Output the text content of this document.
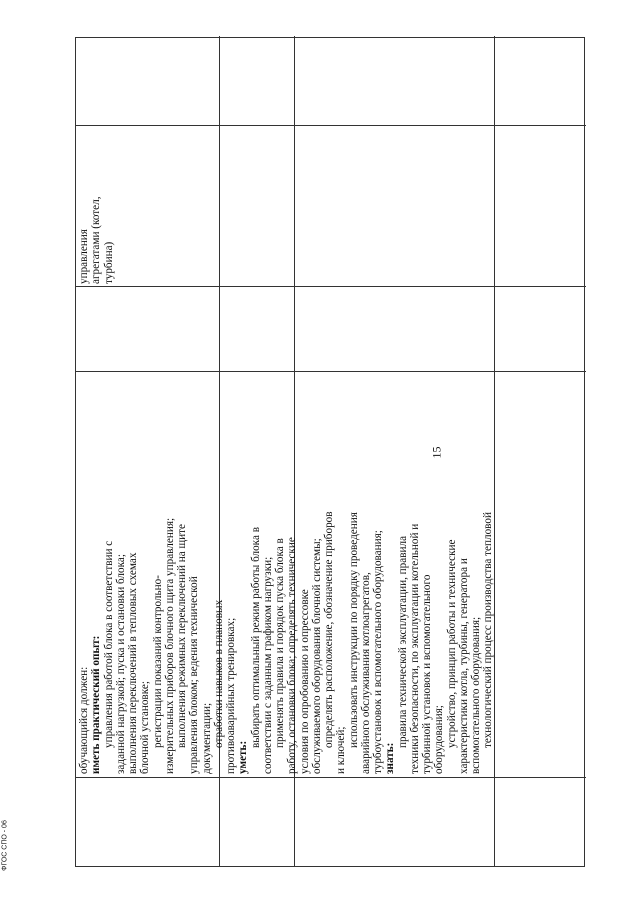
обучающийся должен: иметь практический опыт: управления работой блока в соответствии с заданной нагрузкой; пуска и остановки блока; выполнения переключений в тепловых схемах блочной установке; регистрации показаний контрольно- измерительных приборов блочного щита управления; выполнения режимных переключений на щите управления блоком; ведения технической документации; отработки навыков в плановых противоаварийных тренировках; уметь:

выбирать оптимальный режим работы блока в соответствии с заданным графиком нагрузки; применять правила и порядок пуска блока в работу, остановки блока; определять технические условия по опробованию и опрессовке обслуживаемого оборудования блочной системы; определять расположение, обозначение приборов

и ключей;

использовать инструкции по порядку проведения аварийного обслуживания котлоагрегатов, турбоустановок и вспомогательного оборудования; знать:

правила технической эксплуатации, правила техники безопасности, по эксплуатации котельной и турбинной установок и вспомогательного оборудования; устройство, принцип работы и технические характеристики котла, турбины, генератора и вспомогательного оборудования; технологический процесс производства тепловой

управления агрегатами (котел, турбина)

15
ФГОС СПО - 06
